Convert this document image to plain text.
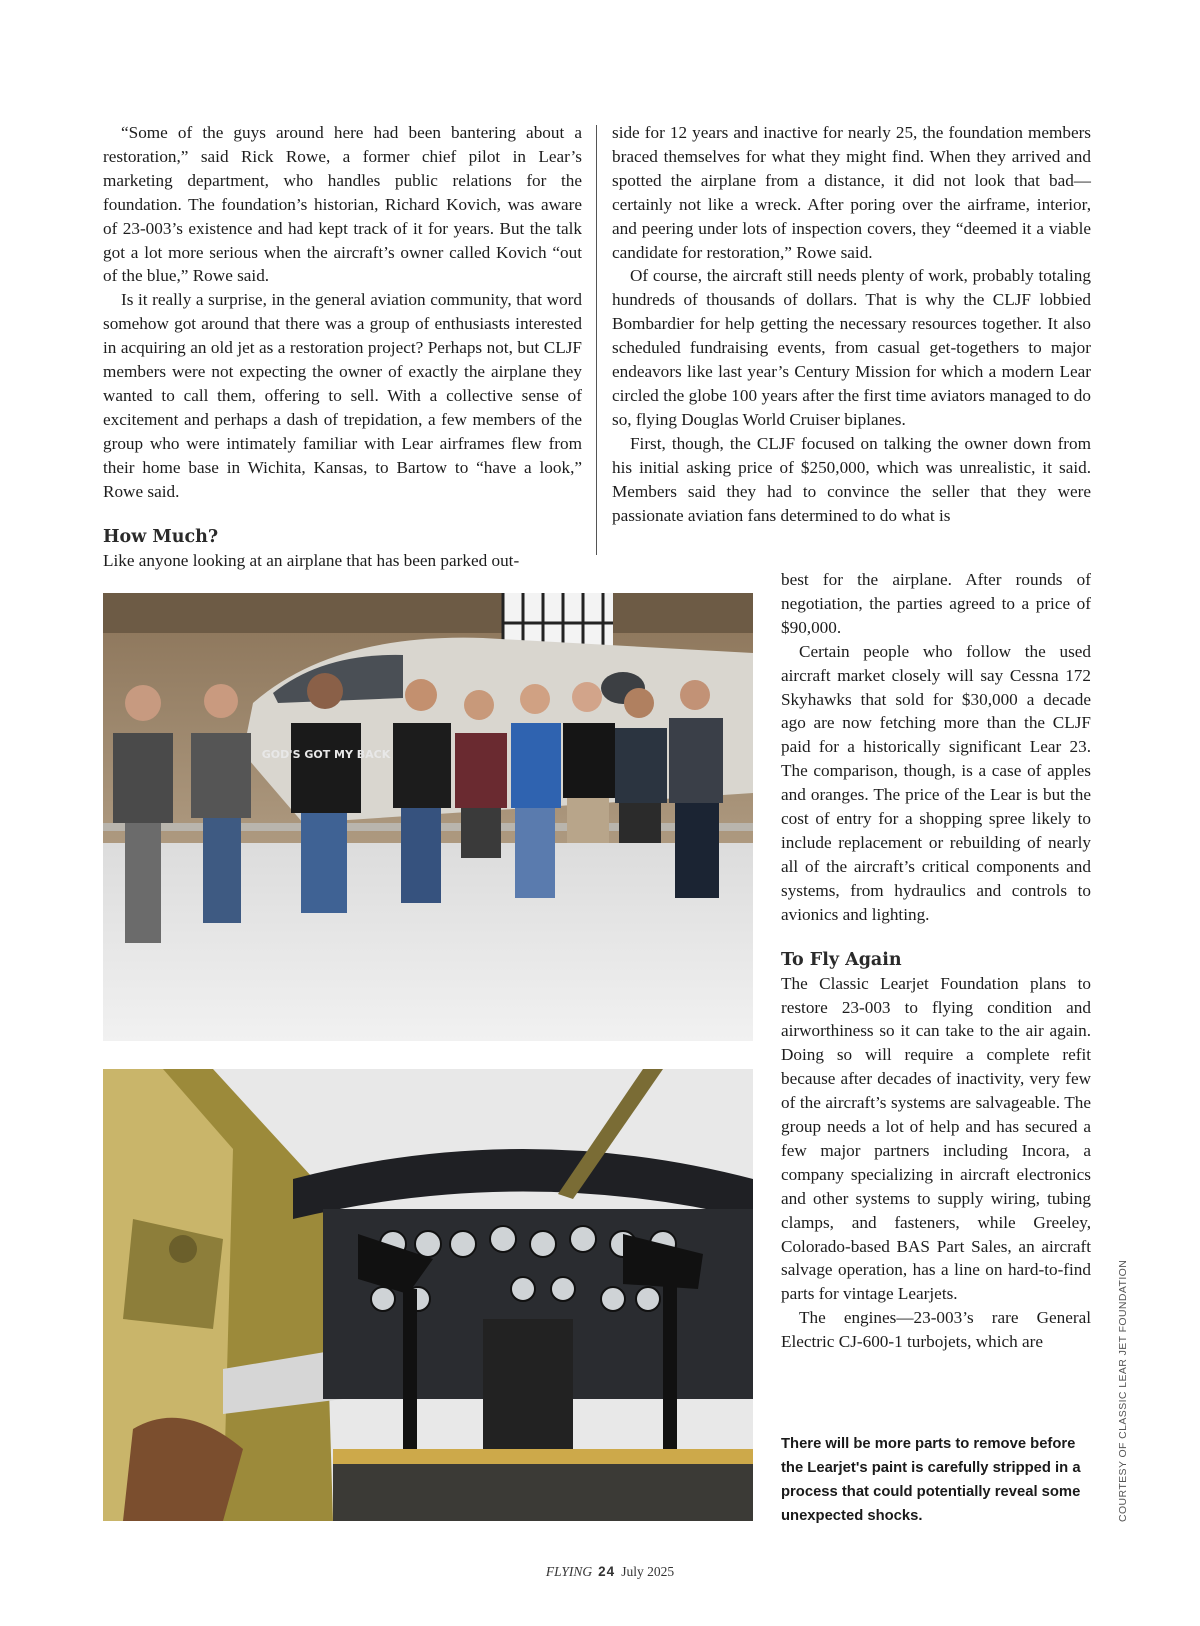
“Some of the guys around here had been bantering about a restoration,” said Rick Rowe, a former chief pilot in Lear’s marketing department, who handles public relations for the foundation. The foundation’s historian, Richard Kovich, was aware of 23-003’s existence and had kept track of it for years. But the talk got a lot more serious when the aircraft’s owner called Kovich “out of the blue,” Rowe said.

Is it really a surprise, in the general aviation community, that word somehow got around that there was a group of enthusiasts interested in acquiring an old jet as a restoration project? Perhaps not, but CLJF members were not expecting the owner of exactly the airplane they wanted to call them, offering to sell. With a collective sense of excitement and perhaps a dash of trepidation, a few members of the group who were intimately familiar with Lear airframes flew from their home base in Wichita, Kansas, to Bartow to “have a look,” Rowe said.

How Much?

Like anyone looking at an airplane that has been parked out-

side for 12 years and inactive for nearly 25, the foundation members braced themselves for what they might find. When they arrived and spotted the airplane from a distance, it did not look that bad—certainly not like a wreck. After poring over the airframe, interior, and peering under lots of inspection covers, they “deemed it a viable candidate for restoration,” Rowe said.

Of course, the aircraft still needs plenty of work, probably totaling hundreds of thousands of dollars. That is why the CLJF lobbied Bombardier for help getting the necessary resources together. It also scheduled fundraising events, from casual get-togethers to major endeavors like last year’s Century Mission for which a modern Lear circled the globe 100 years after the first time aviators managed to do so, flying Douglas World Cruiser biplanes.

First, though, the CLJF focused on talking the owner down from his initial asking price of $250,000, which was unrealistic, it said. Members said they had to convince the seller that they were passionate aviation fans determined to do what is

best for the airplane. After rounds of negotiation, the parties agreed to a price of $90,000.

Certain people who follow the used aircraft market closely will say Cessna 172 Skyhawks that sold for $30,000 a decade ago are now fetching more than the CLJF paid for a historically significant Lear 23. The comparison, though, is a case of apples and oranges. The price of the Lear is but the cost of entry for a shopping spree likely to include replacement or rebuilding of nearly all of the aircraft’s critical components and systems, from hydraulics and controls to avionics and lighting.

To Fly Again

The Classic Learjet Foundation plans to restore 23-003 to flying condition and airworthiness so it can take to the air again. Doing so will require a complete refit because after decades of inactivity, very few of the aircraft’s systems are salvageable. The group needs a lot of help and has secured a few major partners including Incora, a company specializing in aircraft electronics and other systems to supply wiring, tubing clamps, and fasteners, while Greeley, Colorado-based BAS Part Sales, an aircraft salvage operation, has a line on hard-to-find parts for vintage Learjets.

The engines—23-003’s rare General Electric CJ-600-1 turbojets, which are

GOD'S GOT MY BACK

There will be more parts to remove before the Learjet's paint is carefully stripped in a process that could potentially reveal some unexpected shocks.	COURTESY OF CLASSIC LEAR JET FOUNDATION
FLYING 24 July 2025
